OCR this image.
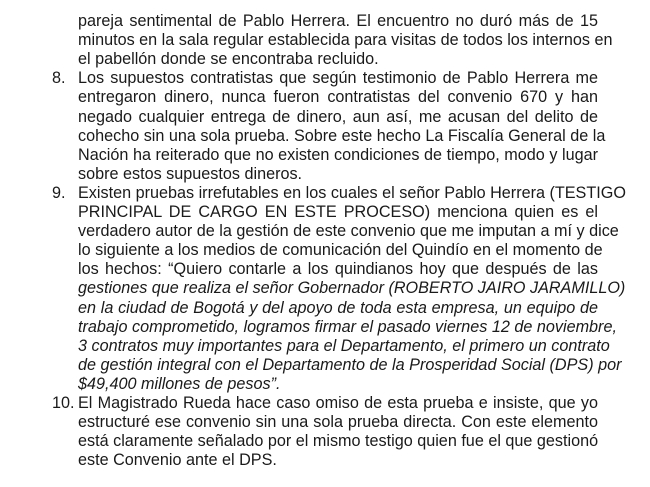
pareja sentimental de Pablo Herrera. El encuentro no duró más de 15
minutos en la sala regular establecida para visitas de todos los internos en
el pabellón donde se encontraba recluido.
8. Los supuestos contratistas que según testimonio de Pablo Herrera me
entregaron dinero, nunca fueron contratistas del convenio 670 y han
negado cualquier entrega de dinero, aun así, me acusan del delito de
cohecho sin una sola prueba. Sobre este hecho La Fiscalía General de la
Nación ha reiterado que no existen condiciones de tiempo, modo y lugar
sobre estos supuestos dineros.
9. Existen pruebas irrefutables en los cuales el señor Pablo Herrera (TESTIGO
PRINCIPAL DE CARGO EN ESTE PROCESO) menciona quien es el
verdadero autor de la gestión de este convenio que me imputan a mí y dice
lo siguiente a los medios de comunicación del Quindío en el momento de
los hechos: “Quiero contarle a los quindianos hoy que después de las
gestiones que realiza el señor Gobernador (ROBERTO JAIRO JARAMILLO)
en la ciudad de Bogotá y del apoyo de toda esta empresa, un equipo de
trabajo comprometido, logramos firmar el pasado viernes 12 de noviembre,
3 contratos muy importantes para el Departamento, el primero un contrato
de gestión integral con el Departamento de la Prosperidad Social (DPS) por
$49,400 millones de pesos”.
10. El Magistrado Rueda hace caso omiso de esta prueba e insiste, que yo
estructuré ese convenio sin una sola prueba directa. Con este elemento
está claramente señalado por el mismo testigo quien fue el que gestionó
este Convenio ante el DPS.
